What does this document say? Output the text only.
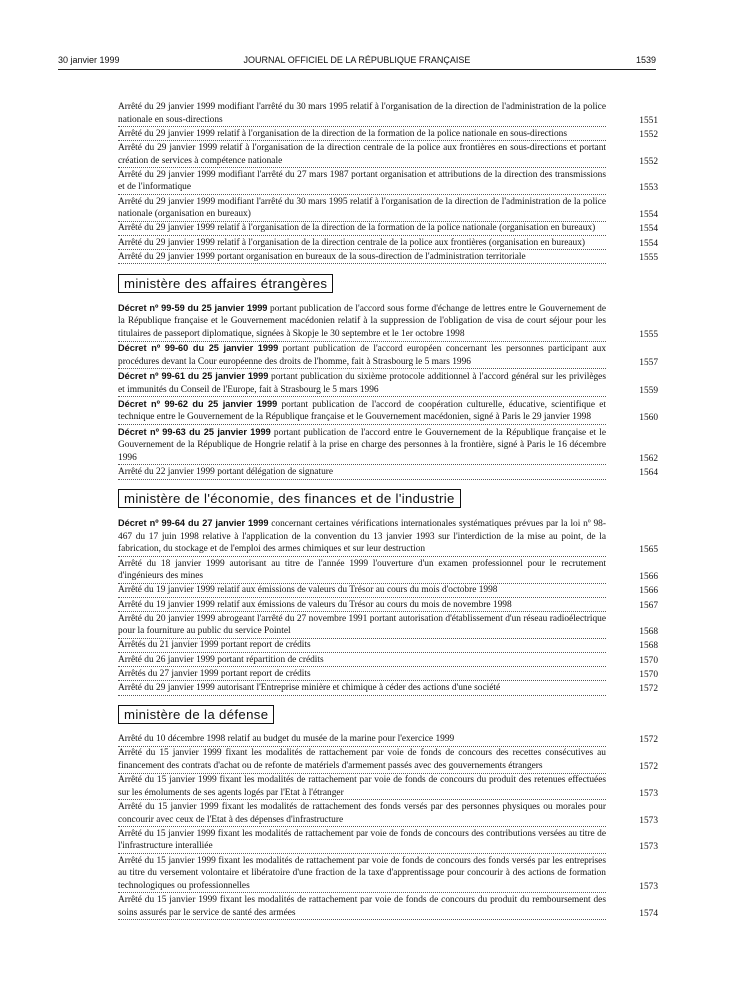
30 janvier 1999	JOURNAL OFFICIEL DE LA RÉPUBLIQUE FRANÇAISE	1539
Arrêté du 29 janvier 1999 modifiant l'arrêté du 30 mars 1995 relatif à l'organisation de la direction de l'administration de la police nationale en sous-directions	1551
Arrêté du 29 janvier 1999 relatif à l'organisation de la direction de la formation de la police nationale en sous-directions	1552
Arrêté du 29 janvier 1999 relatif à l'organisation de la direction centrale de la police aux frontières en sous-directions et portant création de services à compétence nationale	1552
Arrêté du 29 janvier 1999 modifiant l'arrêté du 27 mars 1987 portant organisation et attributions de la direction des transmissions et de l'informatique	1553
Arrêté du 29 janvier 1999 modifiant l'arrêté du 30 mars 1995 relatif à l'organisation de la direction de l'administration de la police nationale (organisation en bureaux)	1554
Arrêté du 29 janvier 1999 relatif à l'organisation de la direction de la formation de la police nationale (organisation en bureaux)	1554
Arrêté du 29 janvier 1999 relatif à l'organisation de la direction centrale de la police aux frontières (organisation en bureaux)	1554
Arrêté du 29 janvier 1999 portant organisation en bureaux de la sous-direction de l'administration territoriale	1555
ministère des affaires étrangères
Décret nº 99-59 du 25 janvier 1999 portant publication de l'accord sous forme d'échange de lettres entre le Gouvernement de la République française et le Gouvernement macédonien relatif à la suppression de l'obligation de visa de court séjour pour les titulaires de passeport diplomatique, signées à Skopje le 30 septembre et le 1er octobre 1998	1555
Décret nº 99-60 du 25 janvier 1999 portant publication de l'accord européen concernant les personnes participant aux procédures devant la Cour européenne des droits de l'homme, fait à Strasbourg le 5 mars 1996	1557
Décret nº 99-61 du 25 janvier 1999 portant publication du sixième protocole additionnel à l'accord général sur les privilèges et immunités du Conseil de l'Europe, fait à Strasbourg le 5 mars 1996	1559
Décret nº 99-62 du 25 janvier 1999 portant publication de l'accord de coopération culturelle, éducative, scientifique et technique entre le Gouvernement de la République française et le Gouvernement macédonien, signé à Paris le 29 janvier 1998	1560
Décret nº 99-63 du 25 janvier 1999 portant publication de l'accord entre le Gouvernement de la République française et le Gouvernement de la République de Hongrie relatif à la prise en charge des personnes à la frontière, signé à Paris le 16 décembre 1996	1562
Arrêté du 22 janvier 1999 portant délégation de signature	1564
ministère de l'économie, des finances et de l'industrie
Décret nº 99-64 du 27 janvier 1999 concernant certaines vérifications internationales systématiques prévues par la loi nº 98-467 du 17 juin 1998 relative à l'application de la convention du 13 janvier 1993 sur l'interdiction de la mise au point, de la fabrication, du stockage et de l'emploi des armes chimiques et sur leur destruction	1565
Arrêté du 18 janvier 1999 autorisant au titre de l'année 1999 l'ouverture d'un examen professionnel pour le recrutement d'ingénieurs des mines	1566
Arrêté du 19 janvier 1999 relatif aux émissions de valeurs du Trésor au cours du mois d'octobre 1998	1566
Arrêté du 19 janvier 1999 relatif aux émissions de valeurs du Trésor au cours du mois de novembre 1998	1567
Arrêté du 20 janvier 1999 abrogeant l'arrêté du 27 novembre 1991 portant autorisation d'établissement d'un réseau radioélectrique pour la fourniture au public du service Pointel	1568
Arrêtés du 21 janvier 1999 portant report de crédits	1568
Arrêté du 26 janvier 1999 portant répartition de crédits	1570
Arrêtés du 27 janvier 1999 portant report de crédits	1570
Arrêté du 29 janvier 1999 autorisant l'Entreprise minière et chimique à céder des actions d'une société	1572
ministère de la défense
Arrêté du 10 décembre 1998 relatif au budget du musée de la marine pour l'exercice 1999	1572
Arrêté du 15 janvier 1999 fixant les modalités de rattachement par voie de fonds de concours des recettes consécutives au financement des contrats d'achat ou de refonte de matériels d'armement passés avec des gouvernements étrangers	1572
Arrêté du 15 janvier 1999 fixant les modalités de rattachement par voie de fonds de concours du produit des retenues effectuées sur les émoluments de ses agents logés par l'Etat à l'étranger	1573
Arrêté du 15 janvier 1999 fixant les modalités de rattachement des fonds versés par des personnes physiques ou morales pour concourir avec ceux de l'Etat à des dépenses d'infrastructure	1573
Arrêté du 15 janvier 1999 fixant les modalités de rattachement par voie de fonds de concours des contributions versées au titre de l'infrastructure interalliée	1573
Arrêté du 15 janvier 1999 fixant les modalités de rattachement par voie de fonds de concours des fonds versés par les entreprises au titre du versement volontaire et libératoire d'une fraction de la taxe d'apprentissage pour concourir à des actions de formation technologiques ou professionnelles	1573
Arrêté du 15 janvier 1999 fixant les modalités de rattachement par voie de fonds de concours du produit du remboursement des soins assurés par le service de santé des armées	1574
